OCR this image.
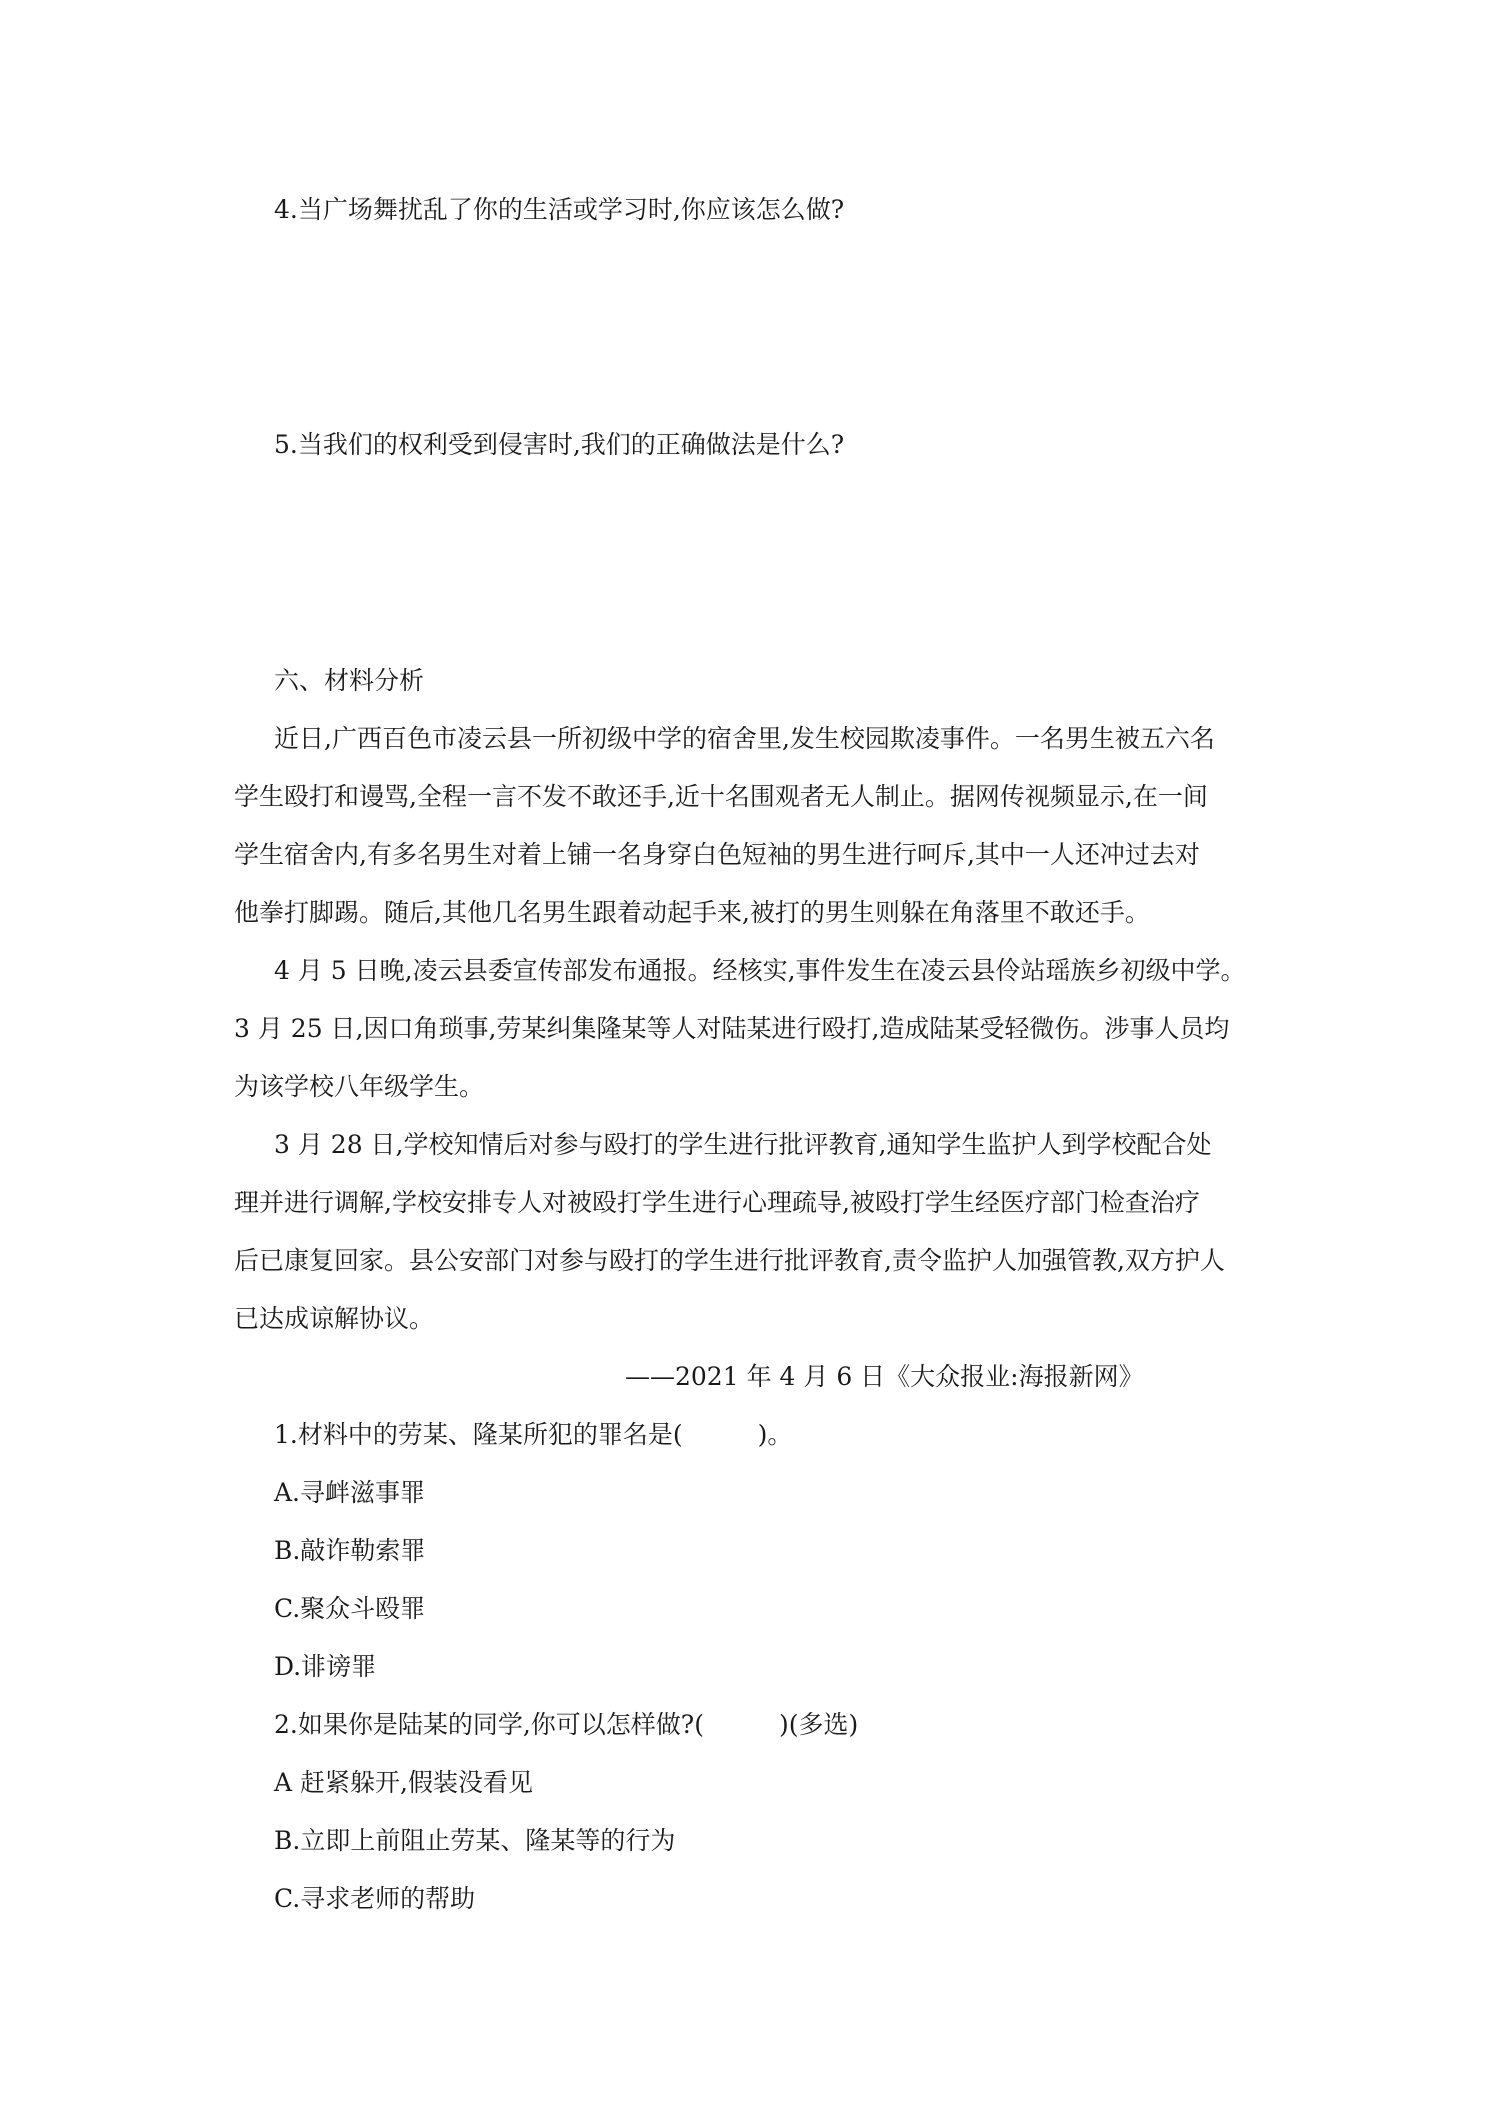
4.当广场舞扰乱了你的生活或学习时,你应该怎么做?
5.当我们的权利受到侵害时,我们的正确做法是什么?
六、材料分析
近日,广西百色市凌云县一所初级中学的宿舍里,发生校园欺凌事件。一名男生被五六名
学生殴打和谩骂,全程一言不发不敢还手,近十名围观者无人制止。据网传视频显示,在一间
学生宿舍内,有多名男生对着上铺一名身穿白色短袖的男生进行呵斥,其中一人还冲过去对
他拳打脚踢。随后,其他几名男生跟着动起手来,被打的男生则躲在角落里不敢还手。
4 月 5 日晚,凌云县委宣传部发布通报。经核实,事件发生在凌云县伶站瑶族乡初级中学。
3 月 25 日,因口角琐事,劳某纠集隆某等人对陆某进行殴打,造成陆某受轻微伤。涉事人员均
为该学校八年级学生。
3 月 28 日,学校知情后对参与殴打的学生进行批评教育,通知学生监护人到学校配合处
理并进行调解,学校安排专人对被殴打学生进行心理疏导,被殴打学生经医疗部门检查治疗
后已康复回家。县公安部门对参与殴打的学生进行批评教育,责令监护人加强管教,双方护人
已达成谅解协议。
——2021 年 4 月 6 日《大众报业:海报新网》
1.材料中的劳某、隆某所犯的罪名是(　　　)。
A.寻衅滋事罪
B.敲诈勒索罪
C.聚众斗殴罪
D.诽谤罪
2.如果你是陆某的同学,你可以怎样做?(　　　)(多选)
A 赶紧躲开,假装没看见
B.立即上前阻止劳某、隆某等的行为
C.寻求老师的帮助
